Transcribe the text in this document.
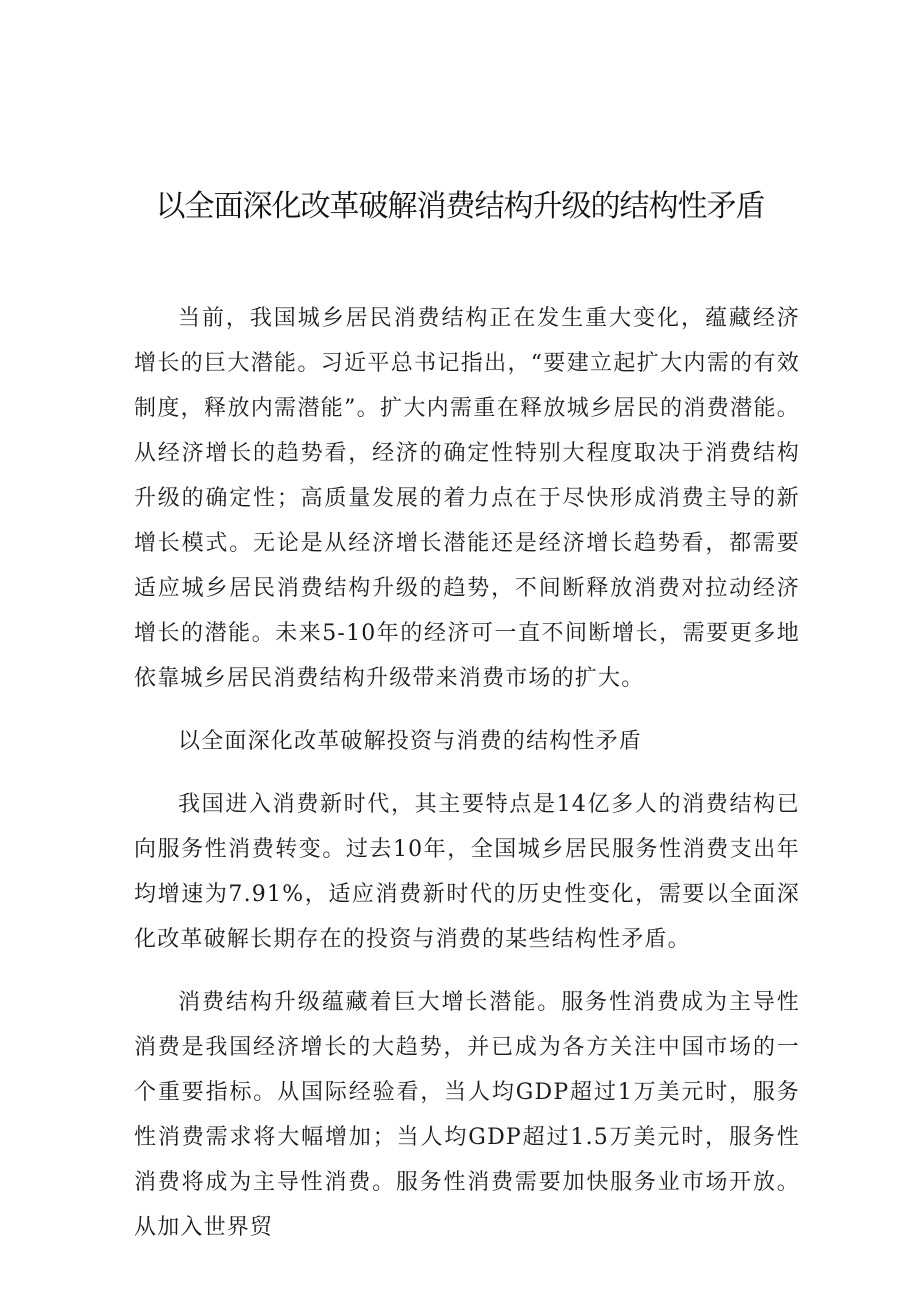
以全面深化改革破解消费结构升级的结构性矛盾

当前，我国城乡居民消费结构正在发生重大变化，蕴藏经济增长的巨大潜能。习近平总书记指出，“要建立起扩大内需的有效制度，释放内需潜能”。扩大内需重在释放城乡居民的消费潜能。从经济增长的趋势看，经济的确定性特别大程度取决于消费结构升级的确定性；高质量发展的着力点在于尽快形成消费主导的新增长模式。无论是从经济增长潜能还是经济增长趋势看，都需要适应城乡居民消费结构升级的趋势，不间断释放消费对拉动经济增长的潜能。未来5-10年的经济可一直不间断增长，需要更多地依靠城乡居民消费结构升级带来消费市场的扩大。

以全面深化改革破解投资与消费的结构性矛盾

我国进入消费新时代，其主要特点是14亿多人的消费结构已向服务性消费转变。过去10年，全国城乡居民服务性消费支出年均增速为7.91%，适应消费新时代的历史性变化，需要以全面深化改革破解长期存在的投资与消费的某些结构性矛盾。

消费结构升级蕴藏着巨大增长潜能。服务性消费成为主导性消费是我国经济增长的大趋势，并已成为各方关注中国市场的一个重要指标。从国际经验看，当人均GDP超过1万美元时，服务性消费需求将大幅增加；当人均GDP超过1.5万美元时，服务性消费将成为主导性消费。服务性消费需要加快服务业市场开放。从加入世界贸
